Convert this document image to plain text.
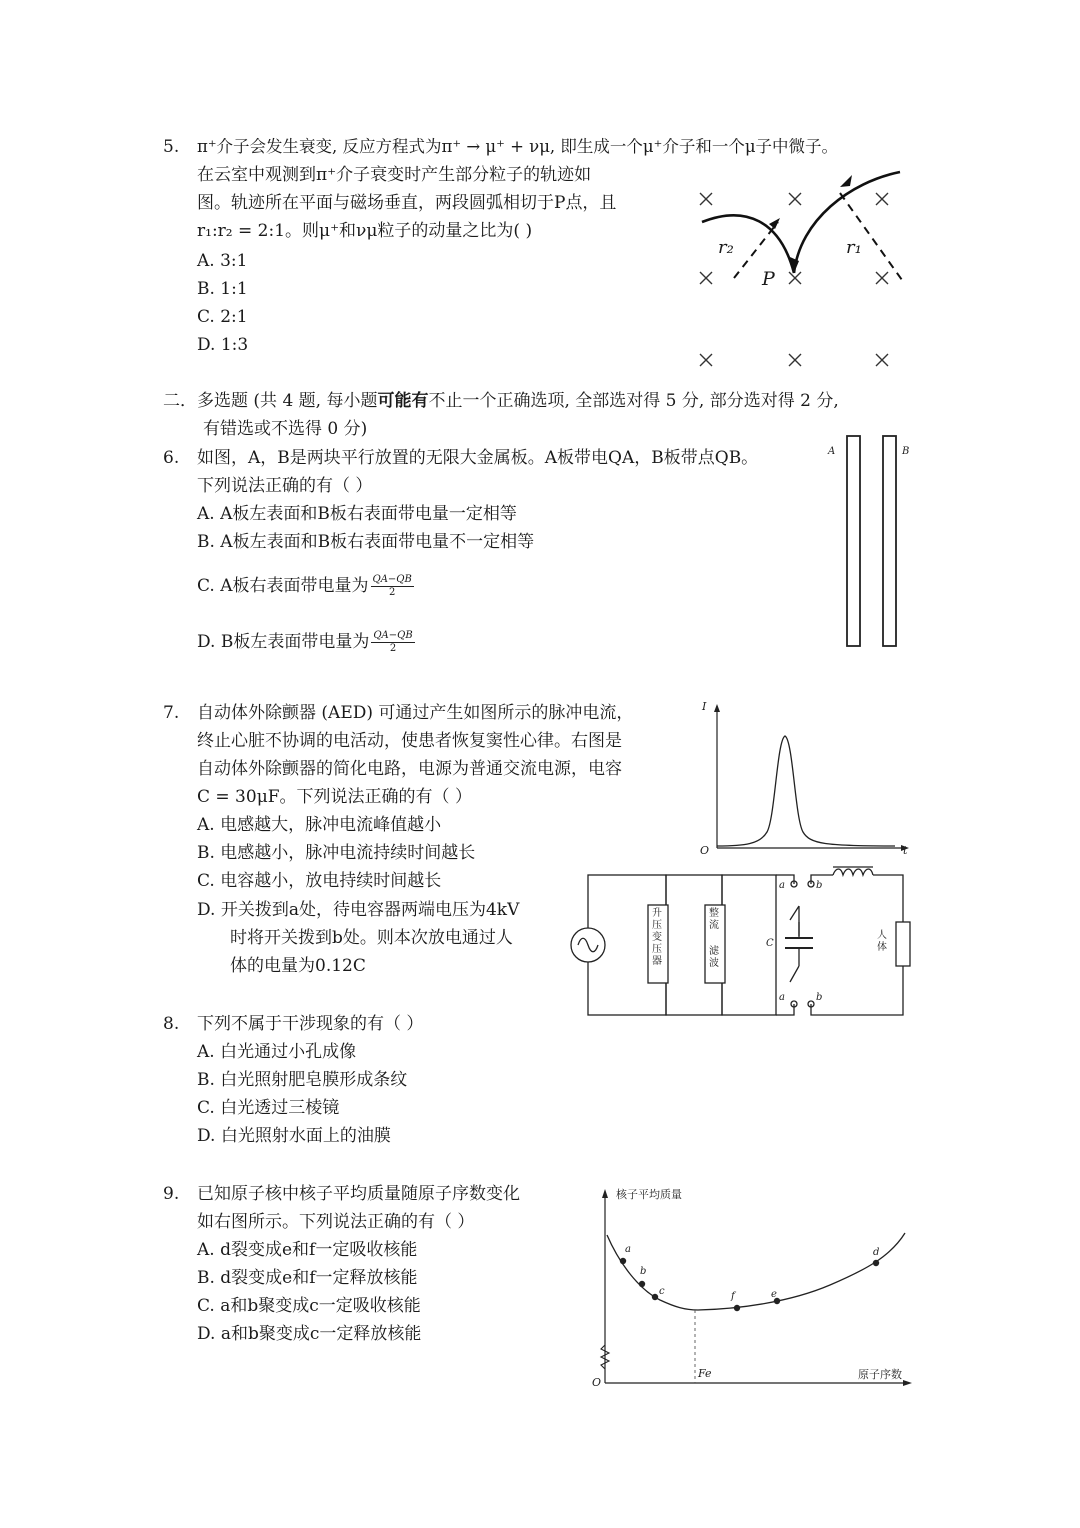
5. π⁺介子会发生衰变, 反应方程式为π⁺ → μ⁺ + νμ, 即生成一个μ⁺介子和一个μ子中微子。
在云室中观测到π⁺介子衰变时产生部分粒子的轨迹如
图。轨迹所在平面与磁场垂直，两段圆弧相切于P点，且
r₁:r₂ = 2:1。则μ⁺和νμ粒子的动量之比为( )
A. 3:1
B. 1:1
C. 2:1
D. 1:3
r₂	r₁
P
二．多选题 (共 4 题, 每小题可能有不止一个正确选项, 全部选对得 5 分, 部分选对得 2 分,
有错选或不选得 0 分)
6. 如图，A，B是两块平行放置的无限大金属板。A板带电QA，B板带点QB。
下列说法正确的有（ ）
A. A板左表面和B板右表面带电量一定相等
B. A板左表面和B板右表面带电量不一定相等
C. A板右表面带电量为 $\frac{QA-QB}{2}$
D. B板左表面带电量为 $\frac{QA-QB}{2}$
A	B
7. 自动体外除颤器 (AED) 可通过产生如图所示的脉冲电流，
终止心脏不协调的电活动，使患者恢复窦性心律。右图是
自动体外除颤器的简化电路，电源为普通交流电源，电容
C = 30μF。下列说法正确的有（ ）
A. 电感越大，脉冲电流峰值越小
B. 电感越小，脉冲电流持续时间越长
C. 电容越小，放电持续时间越长
D. 开关拨到a处，待电容器两端电压为4kV
时将开关拨到b处。则本次放电通过人
体的电量为0.12C
I
t
O
升压变压器
整流
滤波
C
人体
a	b
a	b
8. 下列不属于干涉现象的有（ ）
A. 白光通过小孔成像
B. 白光照射肥皂膜形成条纹
C. 白光透过三棱镜
D. 白光照射水面上的油膜
9. 已知原子核中核子平均质量随原子序数变化
如右图所示。下列说法正确的有（ ）
A. d裂变成e和f一定吸收核能
B. d裂变成e和f一定释放核能
C. a和b聚变成c一定吸收核能
D. a和b聚变成c一定释放核能
核子平均质量
原子序数
O
Fe
a
b
c	f	e
d
